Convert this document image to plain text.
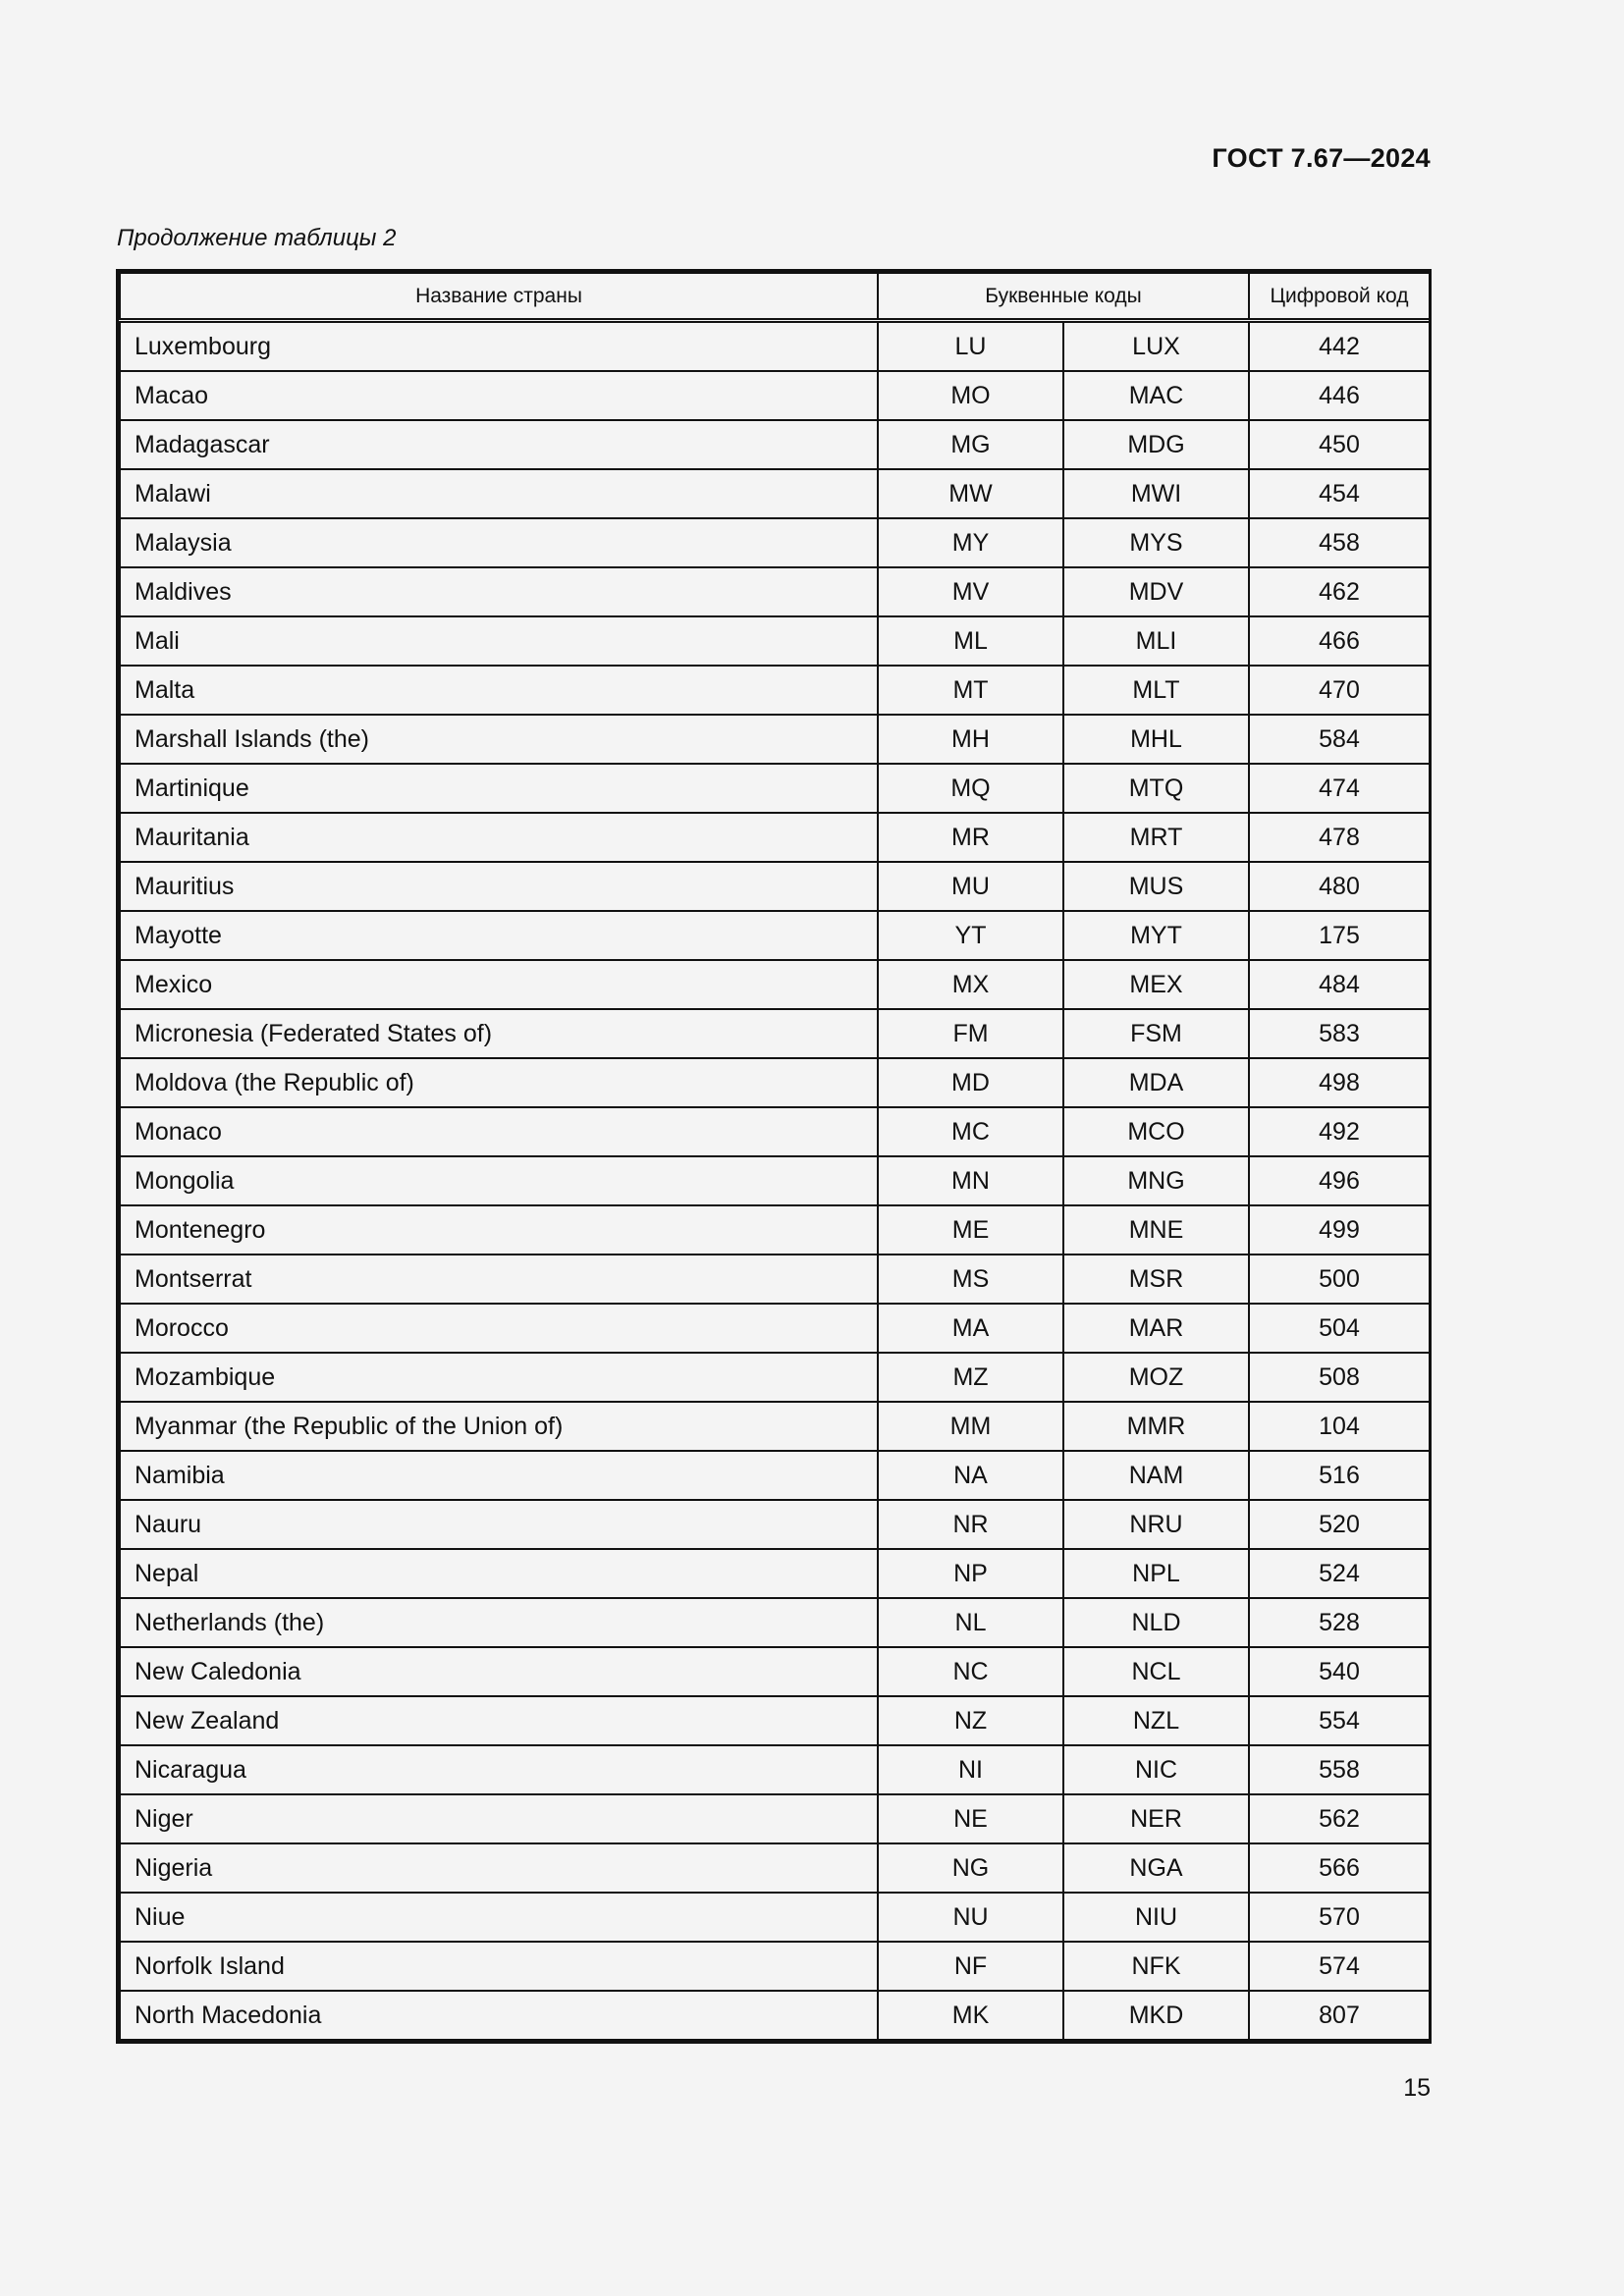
ГОСТ 7.67—2024
Продолжение таблицы 2
Название страны	Буквенные коды		Цифровой код
Luxembourg	LU	LUX	442
Macao	MO	MAC	446
Madagascar	MG	MDG	450
Malawi	MW	MWI	454
Malaysia	MY	MYS	458
Maldives	MV	MDV	462
Mali	ML	MLI	466
Malta	MT	MLT	470
Marshall Islands (the)	MH	MHL	584
Martinique	MQ	MTQ	474
Mauritania	MR	MRT	478
Mauritius	MU	MUS	480
Mayotte	YT	MYT	175
Mexico	MX	MEX	484
Micronesia (Federated States of)	FM	FSM	583
Moldova (the Republic of)	MD	MDA	498
Monaco	MC	MCO	492
Mongolia	MN	MNG	496
Montenegro	ME	MNE	499
Montserrat	MS	MSR	500
Morocco	MA	MAR	504
Mozambique	MZ	MOZ	508
Myanmar (the Republic of the Union of)	MM	MMR	104
Namibia	NA	NAM	516
Nauru	NR	NRU	520
Nepal	NP	NPL	524
Netherlands (the)	NL	NLD	528
New Caledonia	NC	NCL	540
New Zealand	NZ	NZL	554
Nicaragua	NI	NIC	558
Niger	NE	NER	562
Nigeria	NG	NGA	566
Niue	NU	NIU	570
Norfolk Island	NF	NFK	574
North Macedonia	MK	MKD	807
15
